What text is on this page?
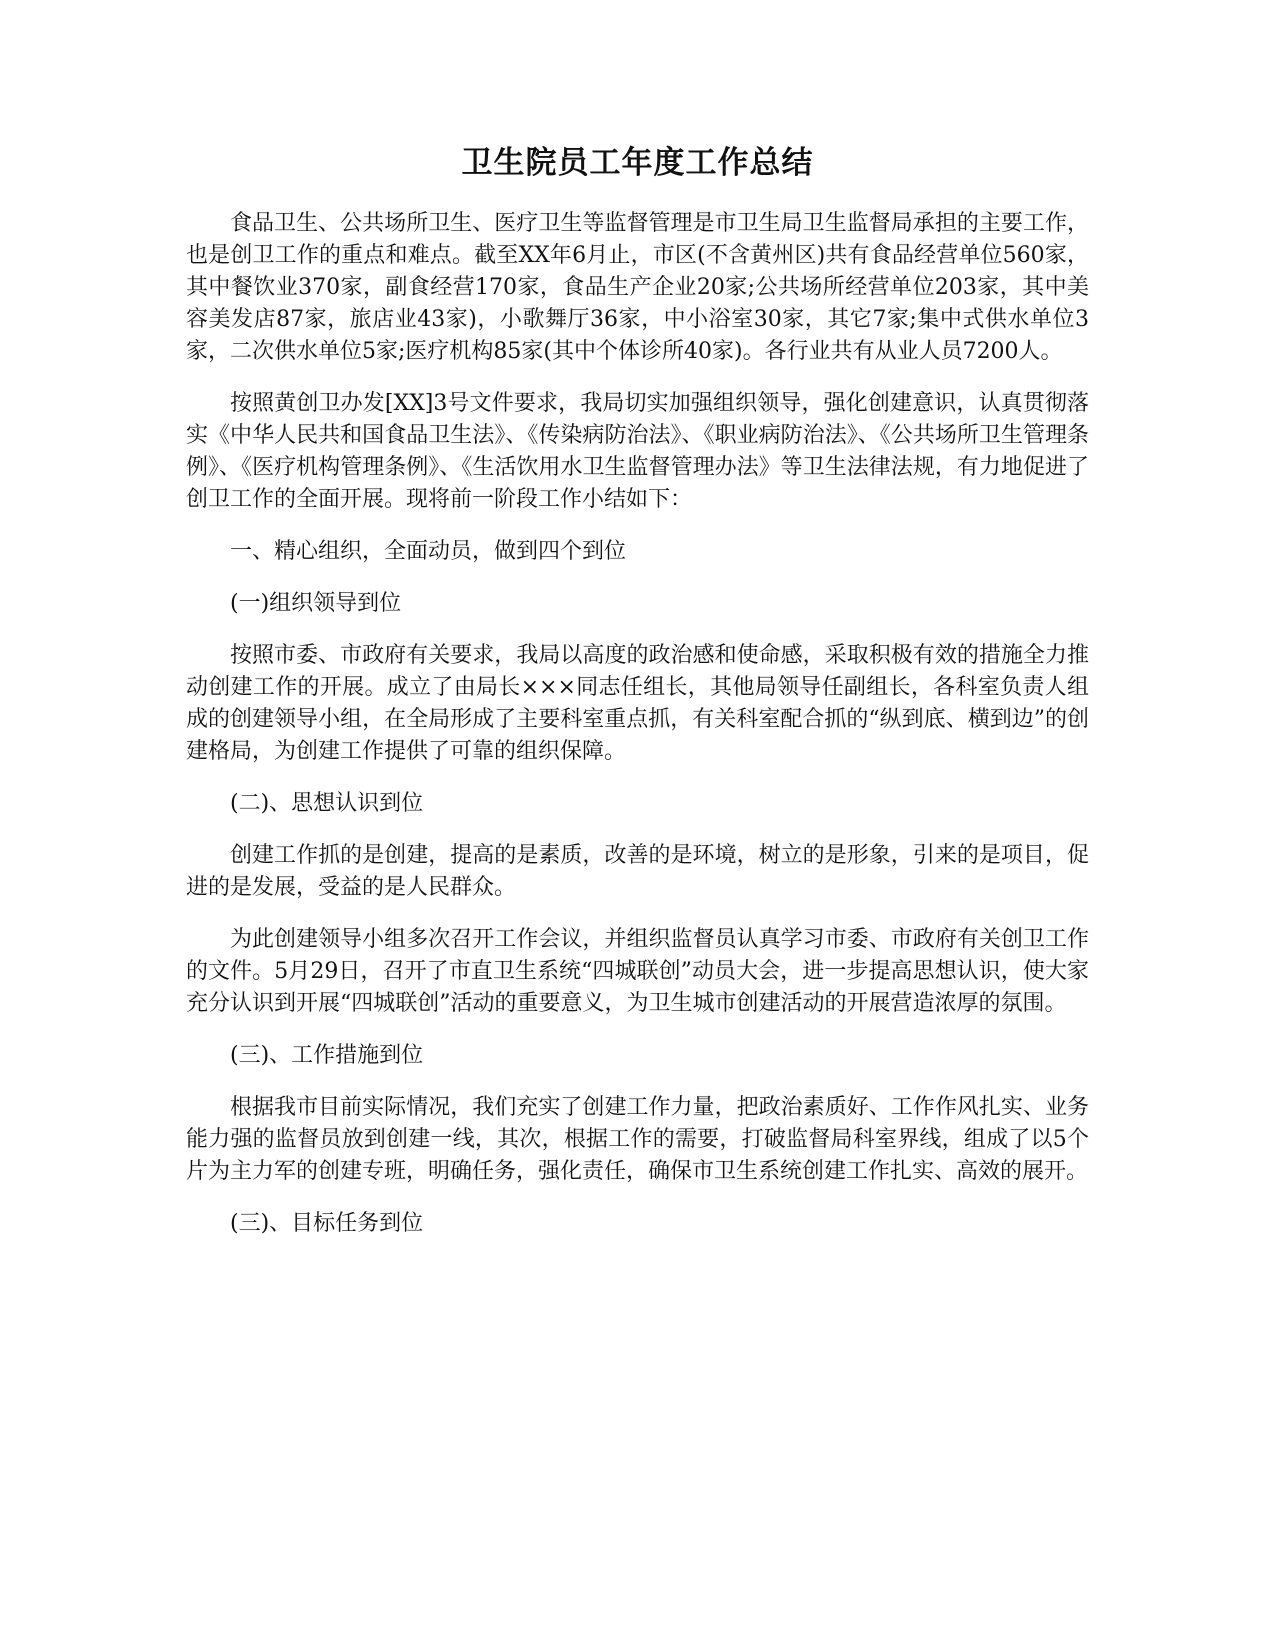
卫生院员工年度工作总结

食品卫生、公共场所卫生、医疗卫生等监督管理是市卫生局卫生监督局承担的主要工作，也是创卫工作的重点和难点。截至XX年6月止，市区(不含黄州区)共有食品经营单位560家，其中餐饮业370家，副食经营170家，食品生产企业20家;公共场所经营单位203家，其中美容美发店87家，旅店业43家)，小歌舞厅36家，中小浴室30家，其它7家;集中式供水单位3家，二次供水单位5家;医疗机构85家(其中个体诊所40家)。各行业共有从业人员7200人。

按照黄创卫办发[XX]3号文件要求，我局切实加强组织领导，强化创建意识，认真贯彻落实《中华人民共和国食品卫生法》、《传染病防治法》、《职业病防治法》、《公共场所卫生管理条例》、《医疗机构管理条例》、《生活饮用水卫生监督管理办法》等卫生法律法规，有力地促进了创卫工作的全面开展。现将前一阶段工作小结如下：

一、精心组织，全面动员，做到四个到位

(一)组织领导到位

按照市委、市政府有关要求，我局以高度的政治感和使命感，采取积极有效的措施全力推动创建工作的开展。成立了由局长×××同志任组长，其他局领导任副组长，各科室负责人组成的创建领导小组，在全局形成了主要科室重点抓，有关科室配合抓的“纵到底、横到边”的创建格局，为创建工作提供了可靠的组织保障。

(二)、思想认识到位

创建工作抓的是创建，提高的是素质，改善的是环境，树立的是形象，引来的是项目，促进的是发展，受益的是人民群众。

为此创建领导小组多次召开工作会议，并组织监督员认真学习市委、市政府有关创卫工作的文件。5月29日，召开了市直卫生系统“四城联创”动员大会，进一步提高思想认识，使大家充分认识到开展“四城联创”活动的重要意义，为卫生城市创建活动的开展营造浓厚的氛围。

(三)、工作措施到位

根据我市目前实际情况，我们充实了创建工作力量，把政治素质好、工作作风扎实、业务能力强的监督员放到创建一线，其次，根据工作的需要，打破监督局科室界线，组成了以5个片为主力军的创建专班，明确任务，强化责任，确保市卫生系统创建工作扎实、高效的展开。

(三)、目标任务到位
